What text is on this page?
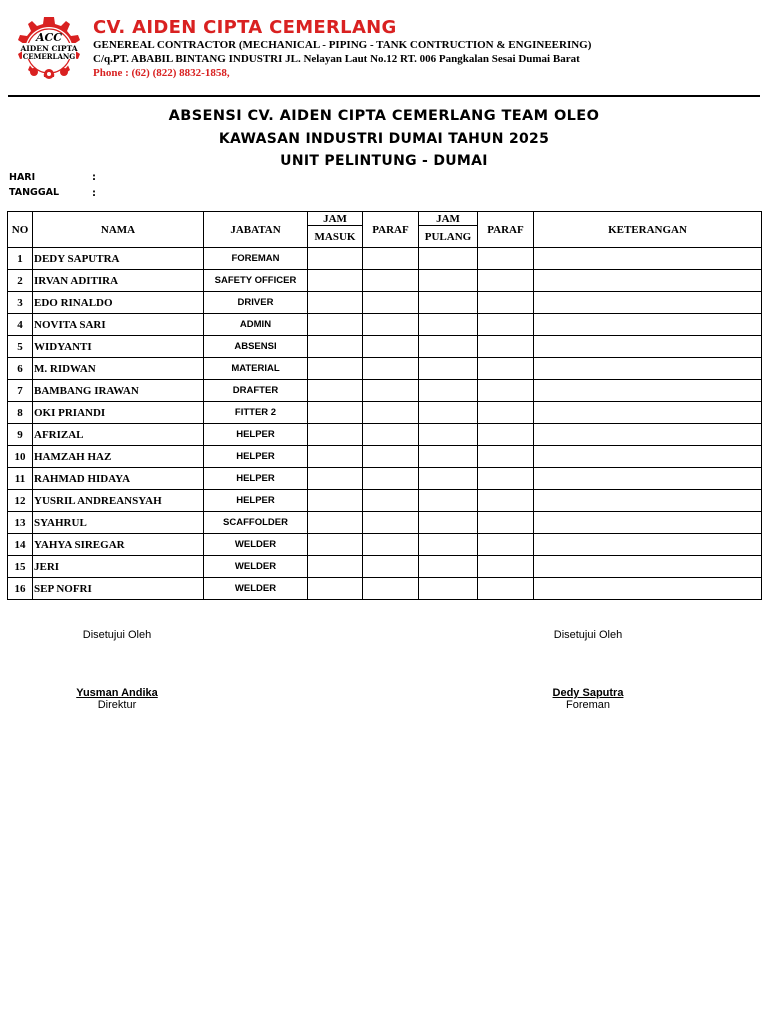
ACC
AIDEN CIPTA
CEMERLANG
CV. AIDEN CIPTA CEMERLANG
GENEREAL CONTRACTOR (MECHANICAL - PIPING - TANK CONTRUCTION & ENGINEERING)
C/q.PT. ABABIL BINTANG INDUSTRI JL. Nelayan Laut No.12 RT. 006 Pangkalan Sesai Dumai Barat
Phone : (62) (822) 8832-1858,
ABSENSI CV. AIDEN CIPTA CEMERLANG TEAM OLEO
KAWASAN INDUSTRI DUMAI TAHUN 2025
UNIT PELINTUNG - DUMAI
HARI	:
TANGGAL	:
NO	NAMA	JABATAN	JAM	PARAF	JAM	PARAF	KETERANGAN
			MASUK		PULANG		
1	DEDY SAPUTRA	FOREMAN					
2	IRVAN ADITIRA	SAFETY OFFICER					
3	EDO RINALDO	DRIVER					
4	NOVITA SARI	ADMIN					
5	WIDYANTI	ABSENSI					
6	M. RIDWAN	MATERIAL					
7	BAMBANG IRAWAN	DRAFTER					
8	OKI PRIANDI	FITTER 2					
9	AFRIZAL	HELPER					
10	HAMZAH HAZ	HELPER					
11	RAHMAD HIDAYA	HELPER					
12	YUSRIL ANDREANSYAH	HELPER					
13	SYAHRUL	SCAFFOLDER					
14	YAHYA SIREGAR	WELDER					
15	JERI	WELDER					
16	SEP NOFRI	WELDER					
Disetujui Oleh
Yusman Andika
Direktur
Disetujui Oleh
Dedy Saputra
Foreman
